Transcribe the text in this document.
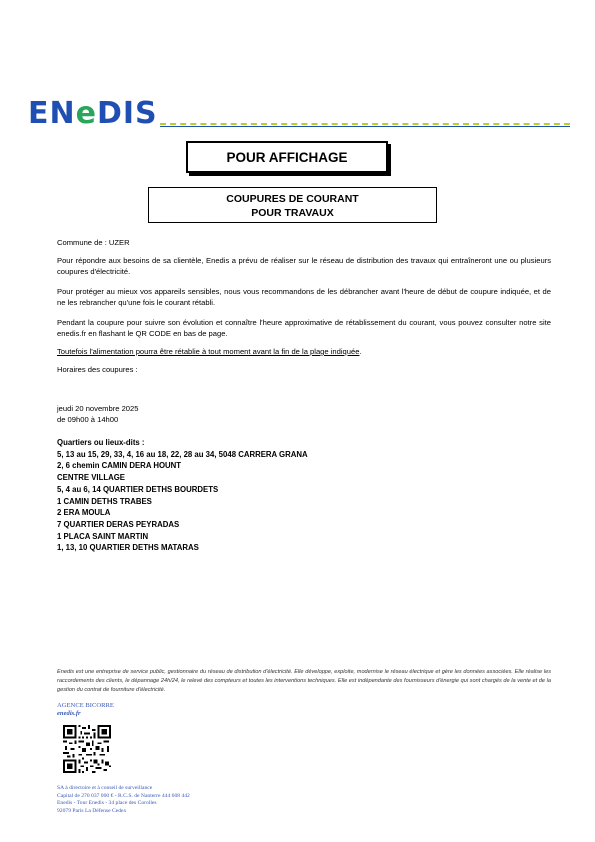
ENeDIS
POUR AFFICHAGE
COUPURES DE COURANT
POUR TRAVAUX
Commune de : UZER
Pour répondre aux besoins de sa clientèle, Enedis a prévu de réaliser sur le réseau de distribution des travaux qui entraîneront une ou plusieurs coupures d'électricité.
Pour protéger au mieux vos appareils sensibles, nous vous recommandons de les débrancher avant l'heure de début de coupure indiquée, et de ne les rebrancher qu'une fois le courant rétabli.
Pendant la coupure pour suivre son évolution et connaître l'heure approximative de rétablissement du courant, vous pouvez consulter notre site enedis.fr en flashant le QR CODE en bas de page.
Toutefois l'alimentation pourra être rétablie à tout moment avant la fin de la plage indiquée.
Horaires des coupures :
jeudi 20 novembre 2025
de 09h00 à 14h00
Quartiers ou lieux-dits :
5, 13 au 15, 29, 33, 4, 16 au 18, 22, 28 au 34, 5048 CARRERA GRANA
2, 6 chemin CAMIN DERA HOUNT
CENTRE VILLAGE
5, 4 au 6, 14 QUARTIER DETHS BOURDETS
1 CAMIN DETHS TRABES
2 ERA MOULA
7 QUARTIER DERAS PEYRADAS
1 PLACA SAINT MARTIN
1, 13, 10 QUARTIER DETHS MATARAS
Enedis est une entreprise de service public, gestionnaire du réseau de distribution d'électricité. Elle développe, exploite, modernise le réseau électrique et gère les données associées. Elle réalise les raccordements des clients, le dépannage 24h/24, le relevé des compteurs et toutes les interventions techniques. Elle est indépendante des fournisseurs d'énergie qui sont chargés de la vente et de la gestion du contrat de fourniture d'électricité.
AGENCE BICORRE
enedis.fr
SA à directoire et à conseil de surveillance
Capital de 270 037 000 € - R.C.S. de Nanterre 444 608 442
Enedis - Tour Enedis - 34 place des Corolles
92079 Paris La Défense Cedex
